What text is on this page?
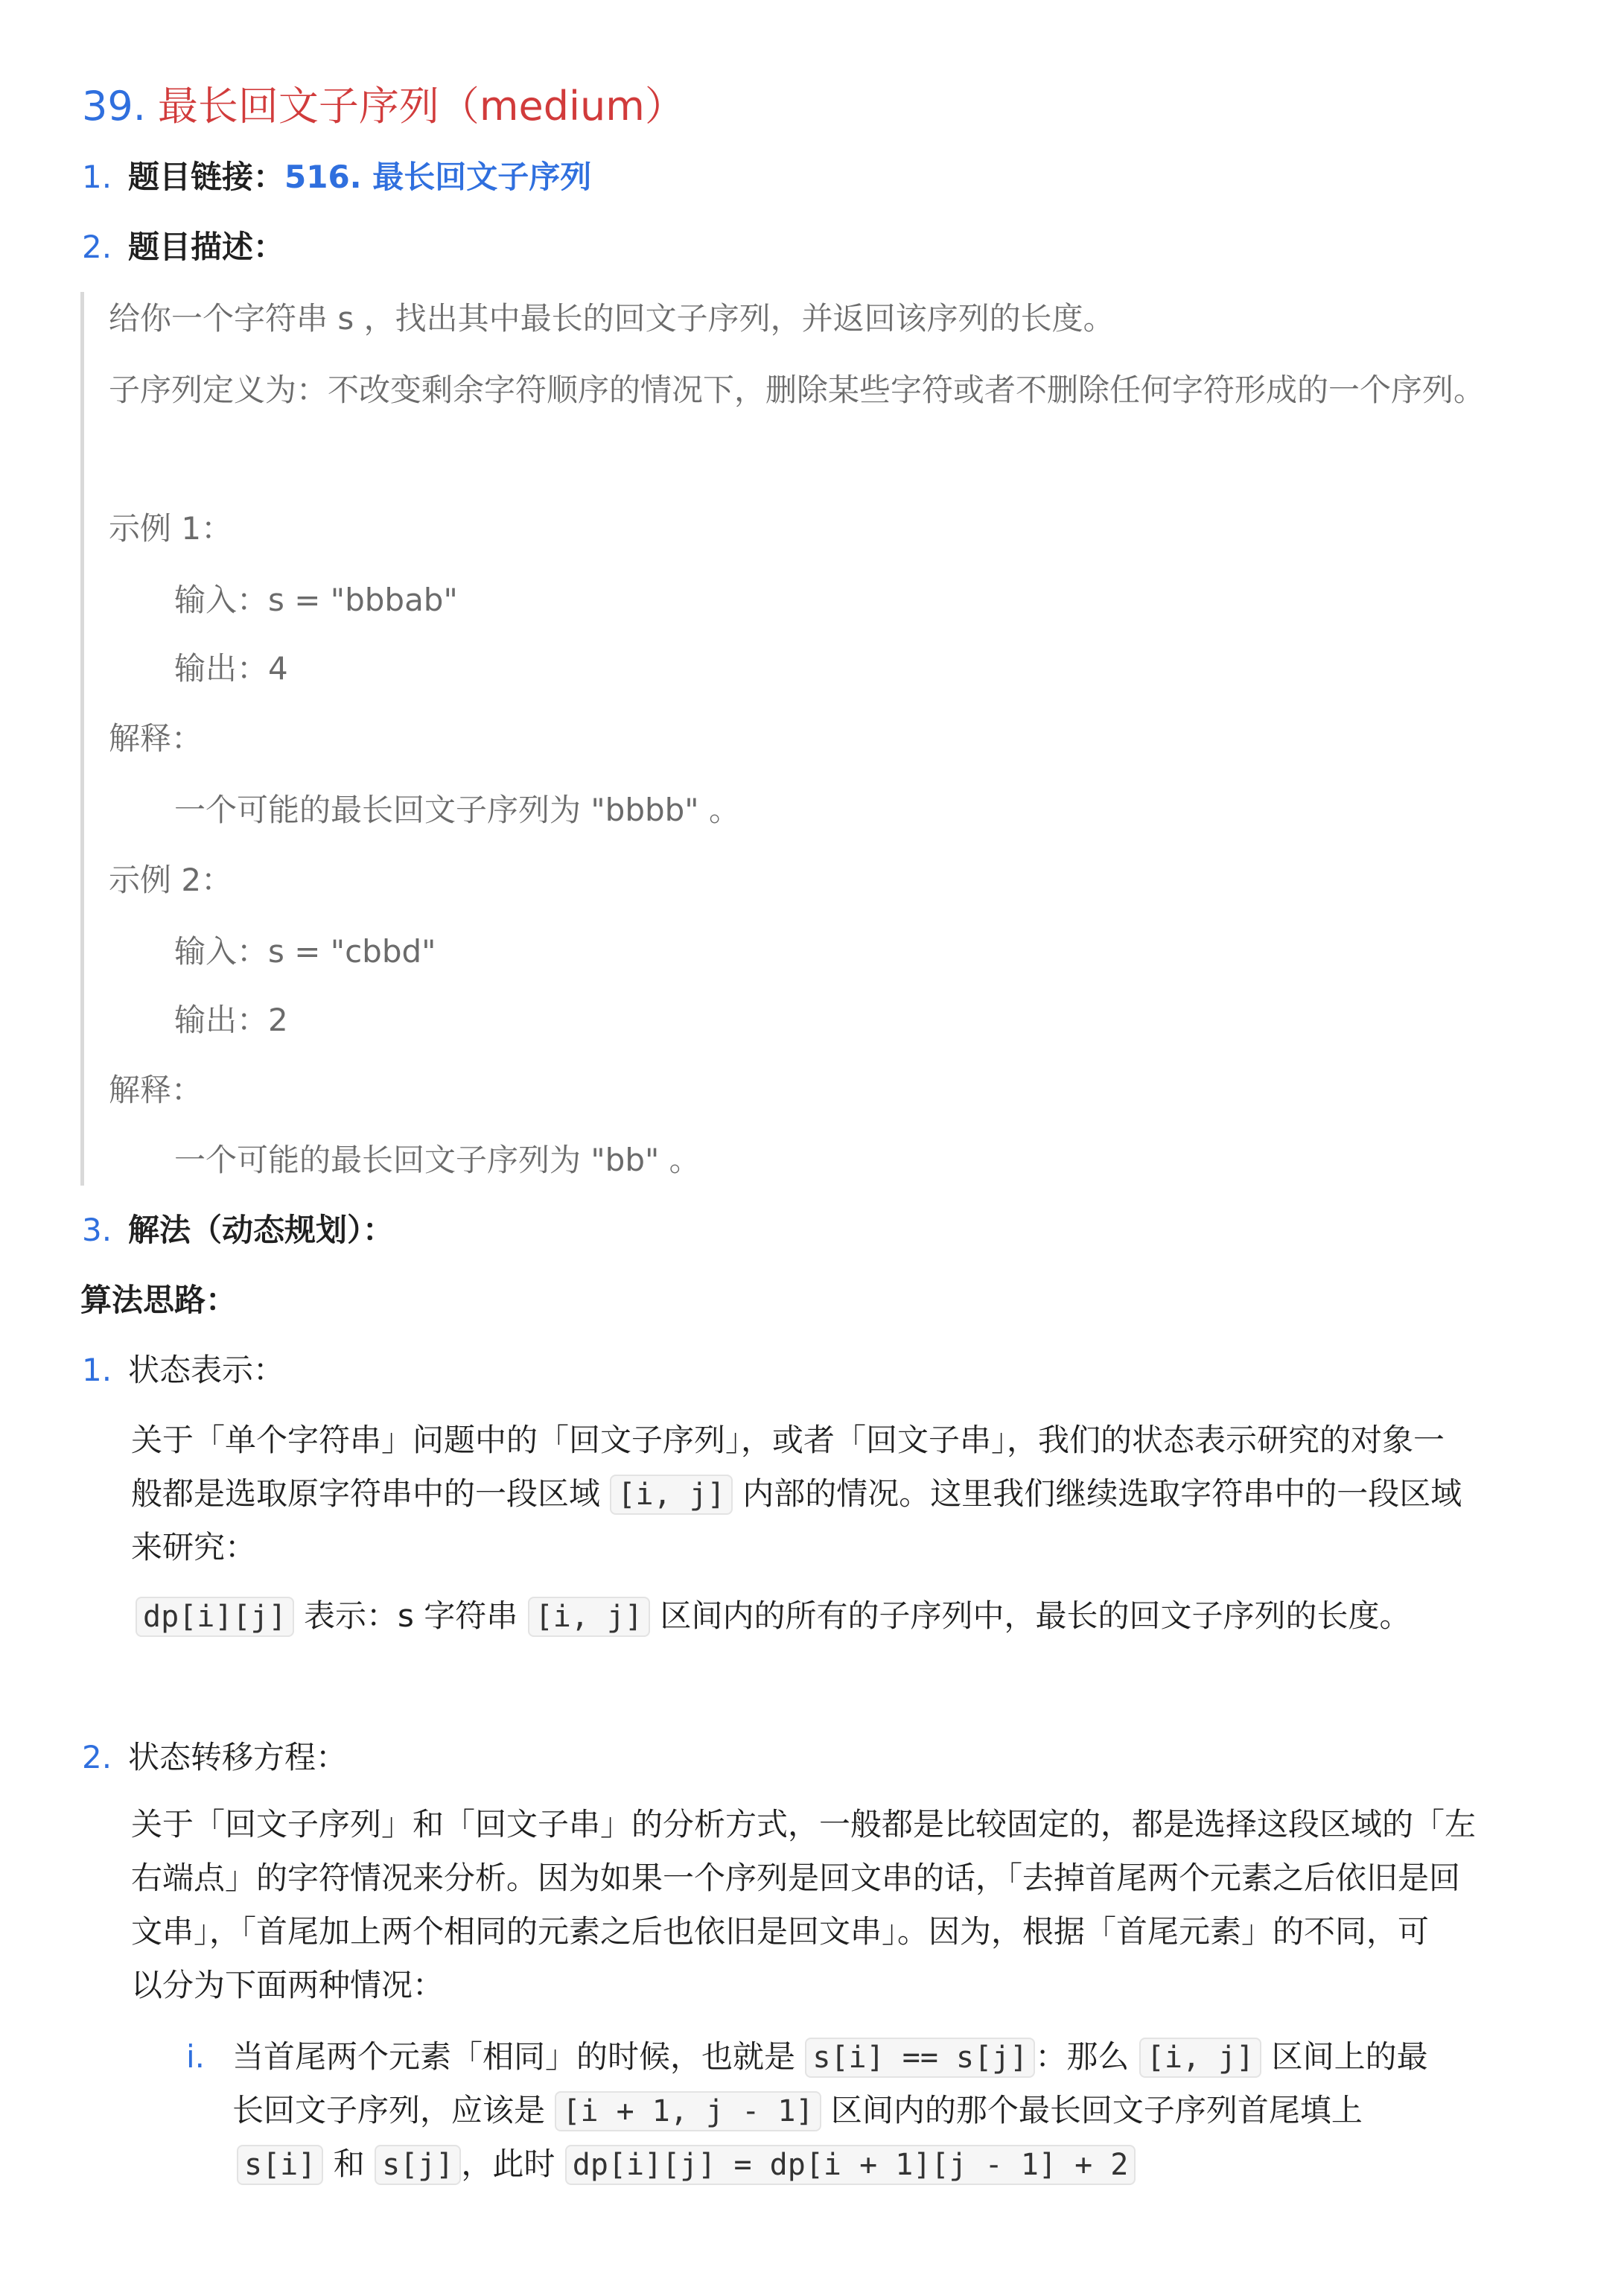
39. 最长回文子序列（medium）
1. 题目链接：516. 最长回文子序列
2. 题目描述：
给你一个字符串 s ，找出其中最长的回文子序列，并返回该序列的长度。
子序列定义为：不改变剩余字符顺序的情况下，删除某些字符或者不删除任何字符形成的一个序列。
示例 1：
输入：s = "bbbab"
输出：4
解释：
一个可能的最长回文子序列为 "bbbb" 。
示例 2：
输入：s = "cbbd"
输出：2
解释：
一个可能的最长回文子序列为 "bb" 。
3. 解法（动态规划）：
算法思路：
1. 状态表示：
关于「单个字符串」问题中的「回文子序列」，或者「回文子串」，我们的状态表示研究的对象一
般都是选取原字符串中的一段区域 [i, j] 内部的情况。这里我们继续选取字符串中的一段区域
来研究：
dp[i][j] 表示：s 字符串 [i, j] 区间内的所有的子序列中，最长的回文子序列的长度。
2. 状态转移方程：
关于「回文子序列」和「回文子串」的分析方式，一般都是比较固定的，都是选择这段区域的「左
右端点」的字符情况来分析。因为如果一个序列是回文串的话，「去掉首尾两个元素之后依旧是回
文串」，「首尾加上两个相同的元素之后也依旧是回文串」。因为，根据「首尾元素」的不同，可
以分为下面两种情况：
i. 当首尾两个元素「相同」的时候，也就是 s[i] == s[j] ：那么 [i, j] 区间上的最
长回文子序列，应该是 [i + 1, j - 1] 区间内的那个最长回文子序列首尾填上
s[i] 和 s[j] ，此时 dp[i][j] = dp[i + 1][j - 1] + 2
